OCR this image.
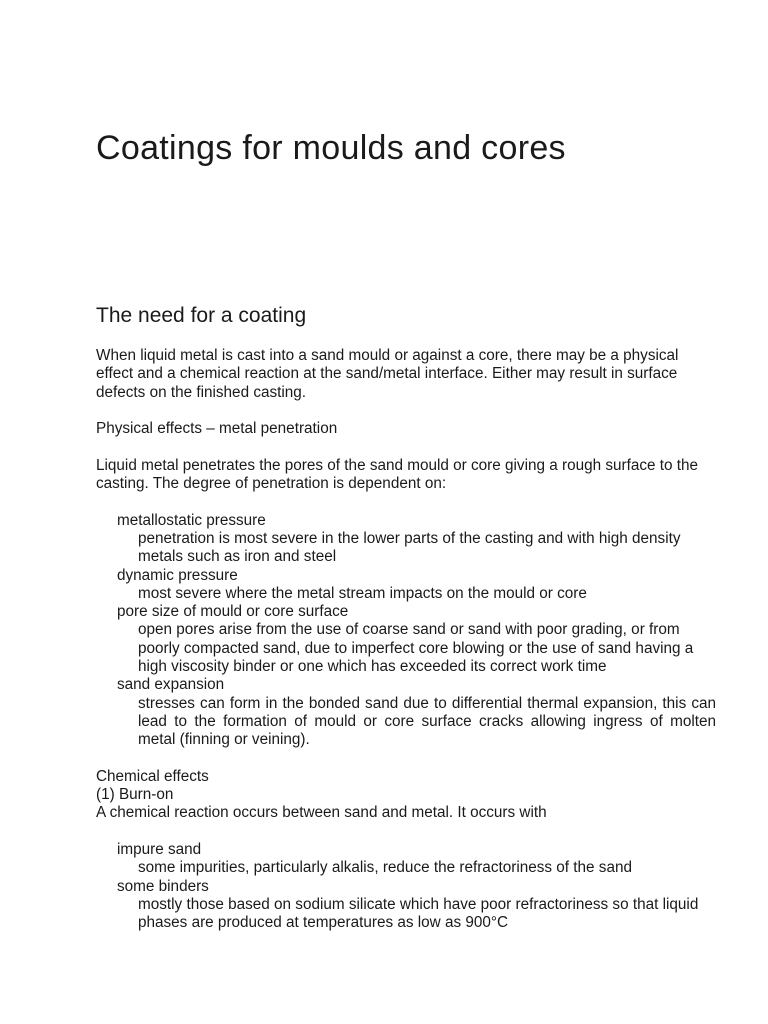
Coatings for moulds and cores
The need for a coating

When liquid metal is cast into a sand mould or against a core, there may be a physical effect and a chemical reaction at the sand/metal interface. Either may result in surface defects on the finished casting.

Physical effects – metal penetration

Liquid metal penetrates the pores of the sand mould or core giving a rough surface to the casting. The degree of penetration is dependent on:

metallostatic pressure
penetration is most severe in the lower parts of the casting and with high density metals such as iron and steel
dynamic pressure
most severe where the metal stream impacts on the mould or core
pore size of mould or core surface
open pores arise from the use of coarse sand or sand with poor grading, or from poorly compacted sand, due to imperfect core blowing or the use of sand having a high viscosity binder or one which has exceeded its correct work time
sand expansion
stresses can form in the bonded sand due to differential thermal expansion, this can lead to the formation of mould or core surface cracks allowing ingress of molten metal (finning or veining).

Chemical effects

(1) Burn-on

A chemical reaction occurs between sand and metal. It occurs with

impure sand
some impurities, particularly alkalis, reduce the refractoriness of the sand
some binders
mostly those based on sodium silicate which have poor refractoriness so that liquid phases are produced at temperatures as low as 900°C
